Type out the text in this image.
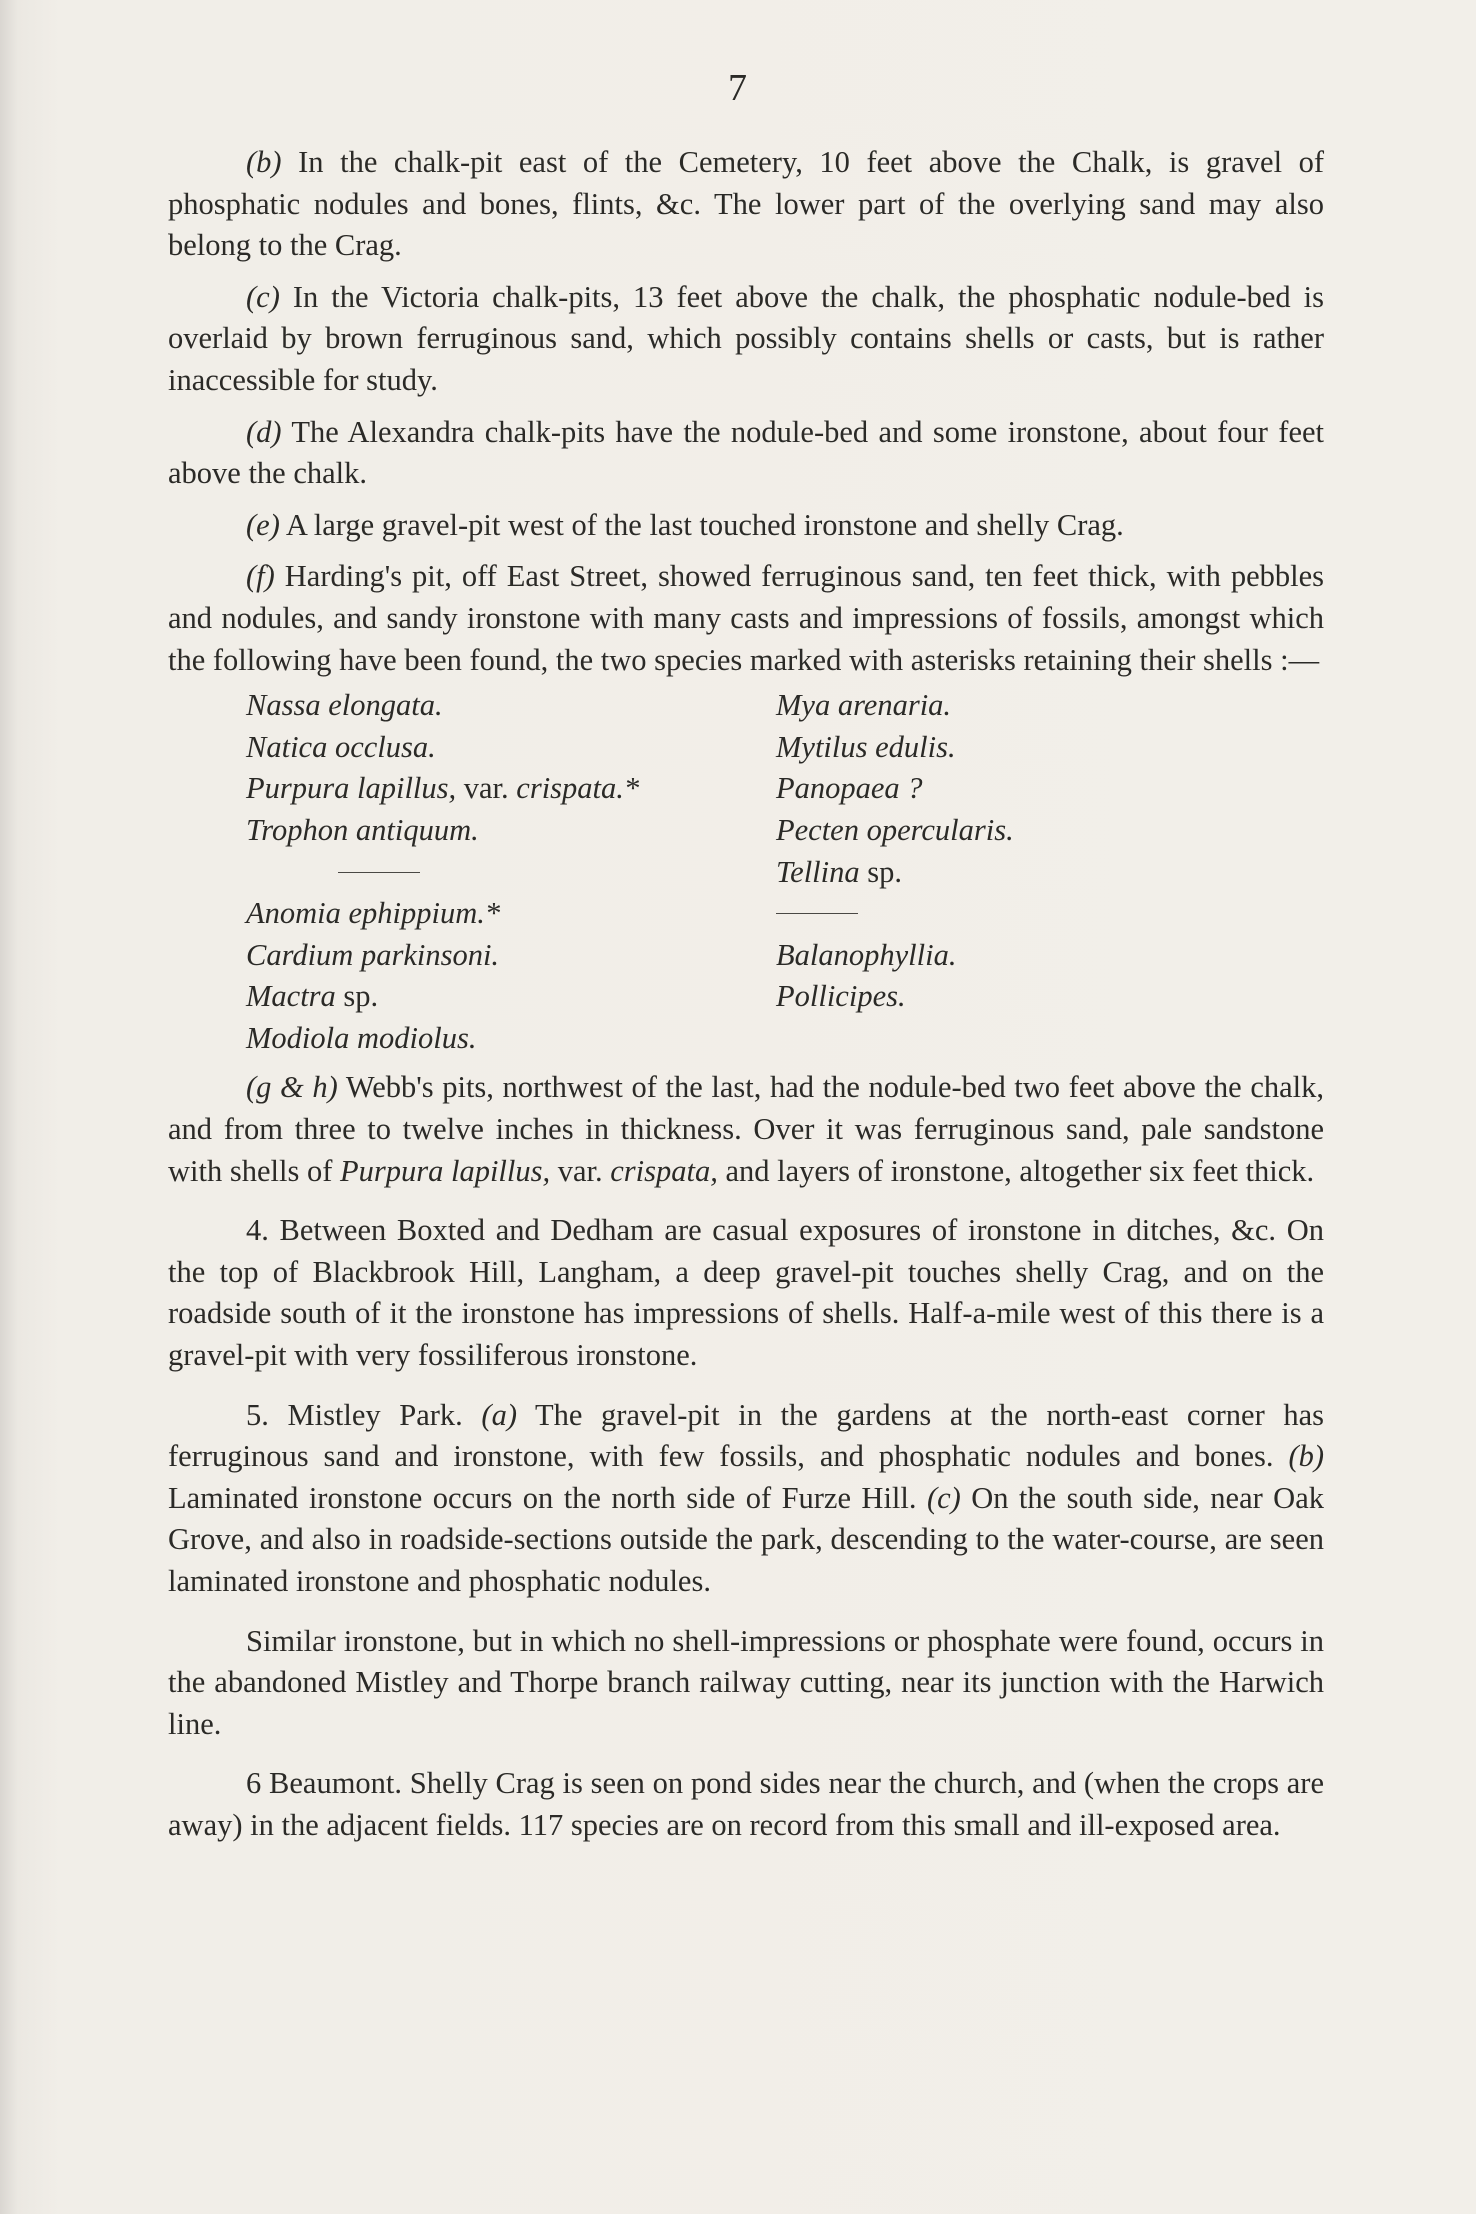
7

(b) In the chalk-pit east of the Cemetery, 10 feet above the Chalk, is gravel of phosphatic nodules and bones, flints, &c. The lower part of the overlying sand may also belong to the Crag.

(c) In the Victoria chalk-pits, 13 feet above the chalk, the phosphatic nodule-bed is overlaid by brown ferruginous sand, which possibly contains shells or casts, but is rather inaccessible for study.

(d) The Alexandra chalk-pits have the nodule-bed and some ironstone, about four feet above the chalk.

(e) A large gravel-pit west of the last touched ironstone and shelly Crag.

(f) Harding's pit, off East Street, showed ferruginous sand, ten feet thick, with pebbles and nodules, and sandy ironstone with many casts and impressions of fossils, amongst which the following have been found, the two species marked with asterisks retaining their shells :—

Nassa elongata.
Natica occlusa.
Purpura lapillus, var. crispata.*
Trophon antiquum.
Anomia ephippium.*
Cardium parkinsoni.
Mactra sp.
Modiola modiolus.
Mya arenaria.
Mytilus edulis.
Panopaea ?
Pecten opercularis.
Tellina sp.
Balanophyllia.
Pollicipes.

(g & h) Webb's pits, northwest of the last, had the nodule-bed two feet above the chalk, and from three to twelve inches in thickness. Over it was ferruginous sand, pale sandstone with shells of Purpura lapillus, var. crispata, and layers of ironstone, altogether six feet thick.

4. Between Boxted and Dedham are casual exposures of ironstone in ditches, &c. On the top of Blackbrook Hill, Langham, a deep gravel-pit touches shelly Crag, and on the roadside south of it the ironstone has impressions of shells. Half-a-mile west of this there is a gravel-pit with very fossiliferous ironstone.

5. Mistley Park. (a) The gravel-pit in the gardens at the north-east corner has ferruginous sand and ironstone, with few fossils, and phosphatic nodules and bones. (b) Laminated ironstone occurs on the north side of Furze Hill. (c) On the south side, near Oak Grove, and also in roadside-sections outside the park, descending to the water-course, are seen laminated ironstone and phosphatic nodules.

Similar ironstone, but in which no shell-impressions or phosphate were found, occurs in the abandoned Mistley and Thorpe branch railway cutting, near its junction with the Harwich line.

6 Beaumont. Shelly Crag is seen on pond sides near the church, and (when the crops are away) in the adjacent fields. 117 species are on record from this small and ill-exposed area.
